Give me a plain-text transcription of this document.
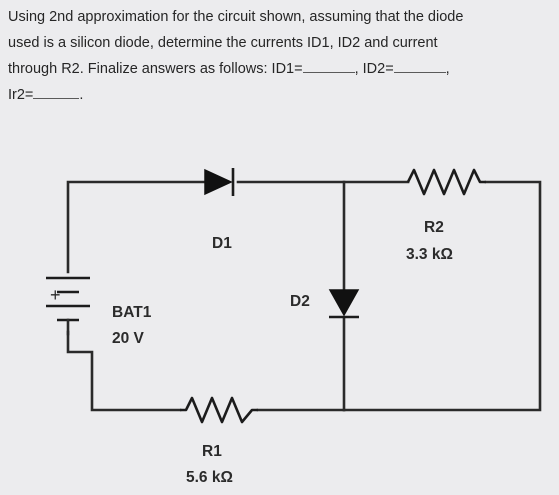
Using 2nd approximation for the circuit shown, assuming that the diode
used is a silicon diode, determine the currents ID1, ID2 and current
through R2. Finalize answers as follows: ID1=	, ID2=	,
Ir2=	.
+
BAT1
20 V
D1
R2
3.3 kΩ
D2
R1
5.6 kΩ
